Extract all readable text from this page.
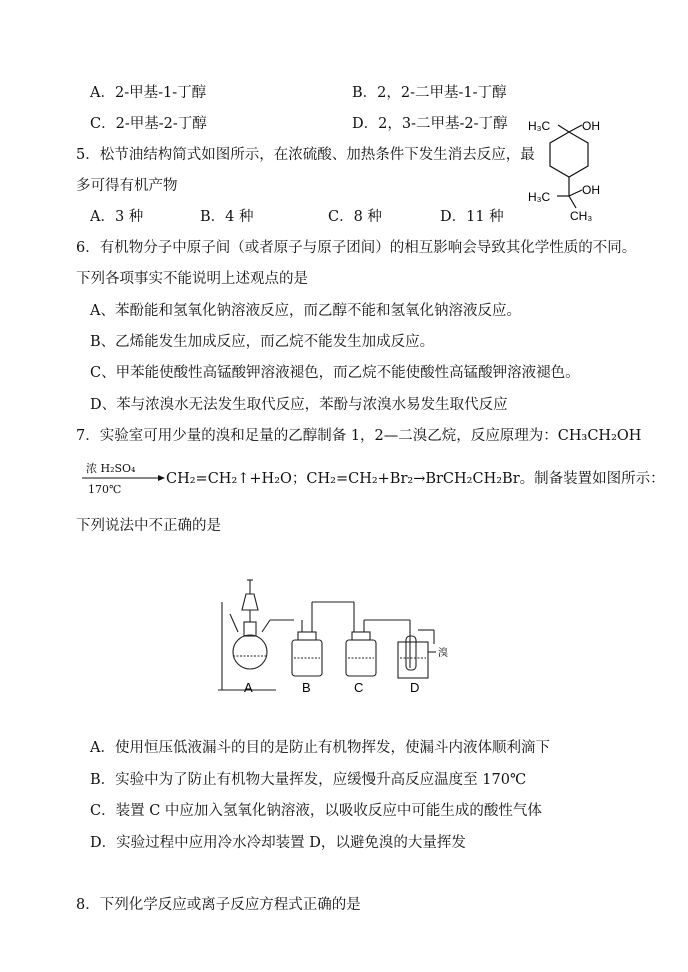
A．2-甲基-1-丁醇	B．2，2-二甲基-1-丁醇
C．2-甲基-2-丁醇	D．2，3-二甲基-2-丁醇
5．松节油结构简式如图所示，在浓硫酸、加热条件下发生消去反应，最
多可得有机产物
A．3 种	B．4 种	C．8 种	D．11 种
H₃C	OH
H₃C	OH
CH₃
6．有机物分子中原子间（或者原子与原子团间）的相互影响会导致其化学性质的不同。
下列各项事实不能说明上述观点的是
A、苯酚能和氢氧化钠溶液反应，而乙醇不能和氢氧化钠溶液反应。
B、乙烯能发生加成反应，而乙烷不能发生加成反应。
C、甲苯能使酸性高锰酸钾溶液褪色，而乙烷不能使酸性高锰酸钾溶液褪色。
D、苯与浓溴水无法发生取代反应，苯酚与浓溴水易发生取代反应
7．实验室可用少量的溴和足量的乙醇制备 1，2—二溴乙烷，反应原理为：CH₃CH₂OH
浓 H₂SO₄
170℃
CH₂=CH₂↑+H₂O；CH₂=CH₂+Br₂→BrCH₂CH₂Br。制备装置如图所示：
下列说法中不正确的是
溴
A	B	C	D
A．使用恒压低液漏斗的目的是防止有机物挥发，使漏斗内液体顺利滴下
B．实验中为了防止有机物大量挥发，应缓慢升高反应温度至 170℃
C．装置 C 中应加入氢氧化钠溶液，以吸收反应中可能生成的酸性气体
D．实验过程中应用冷水冷却装置 D，以避免溴的大量挥发
8．下列化学反应或离子反应方程式正确的是
